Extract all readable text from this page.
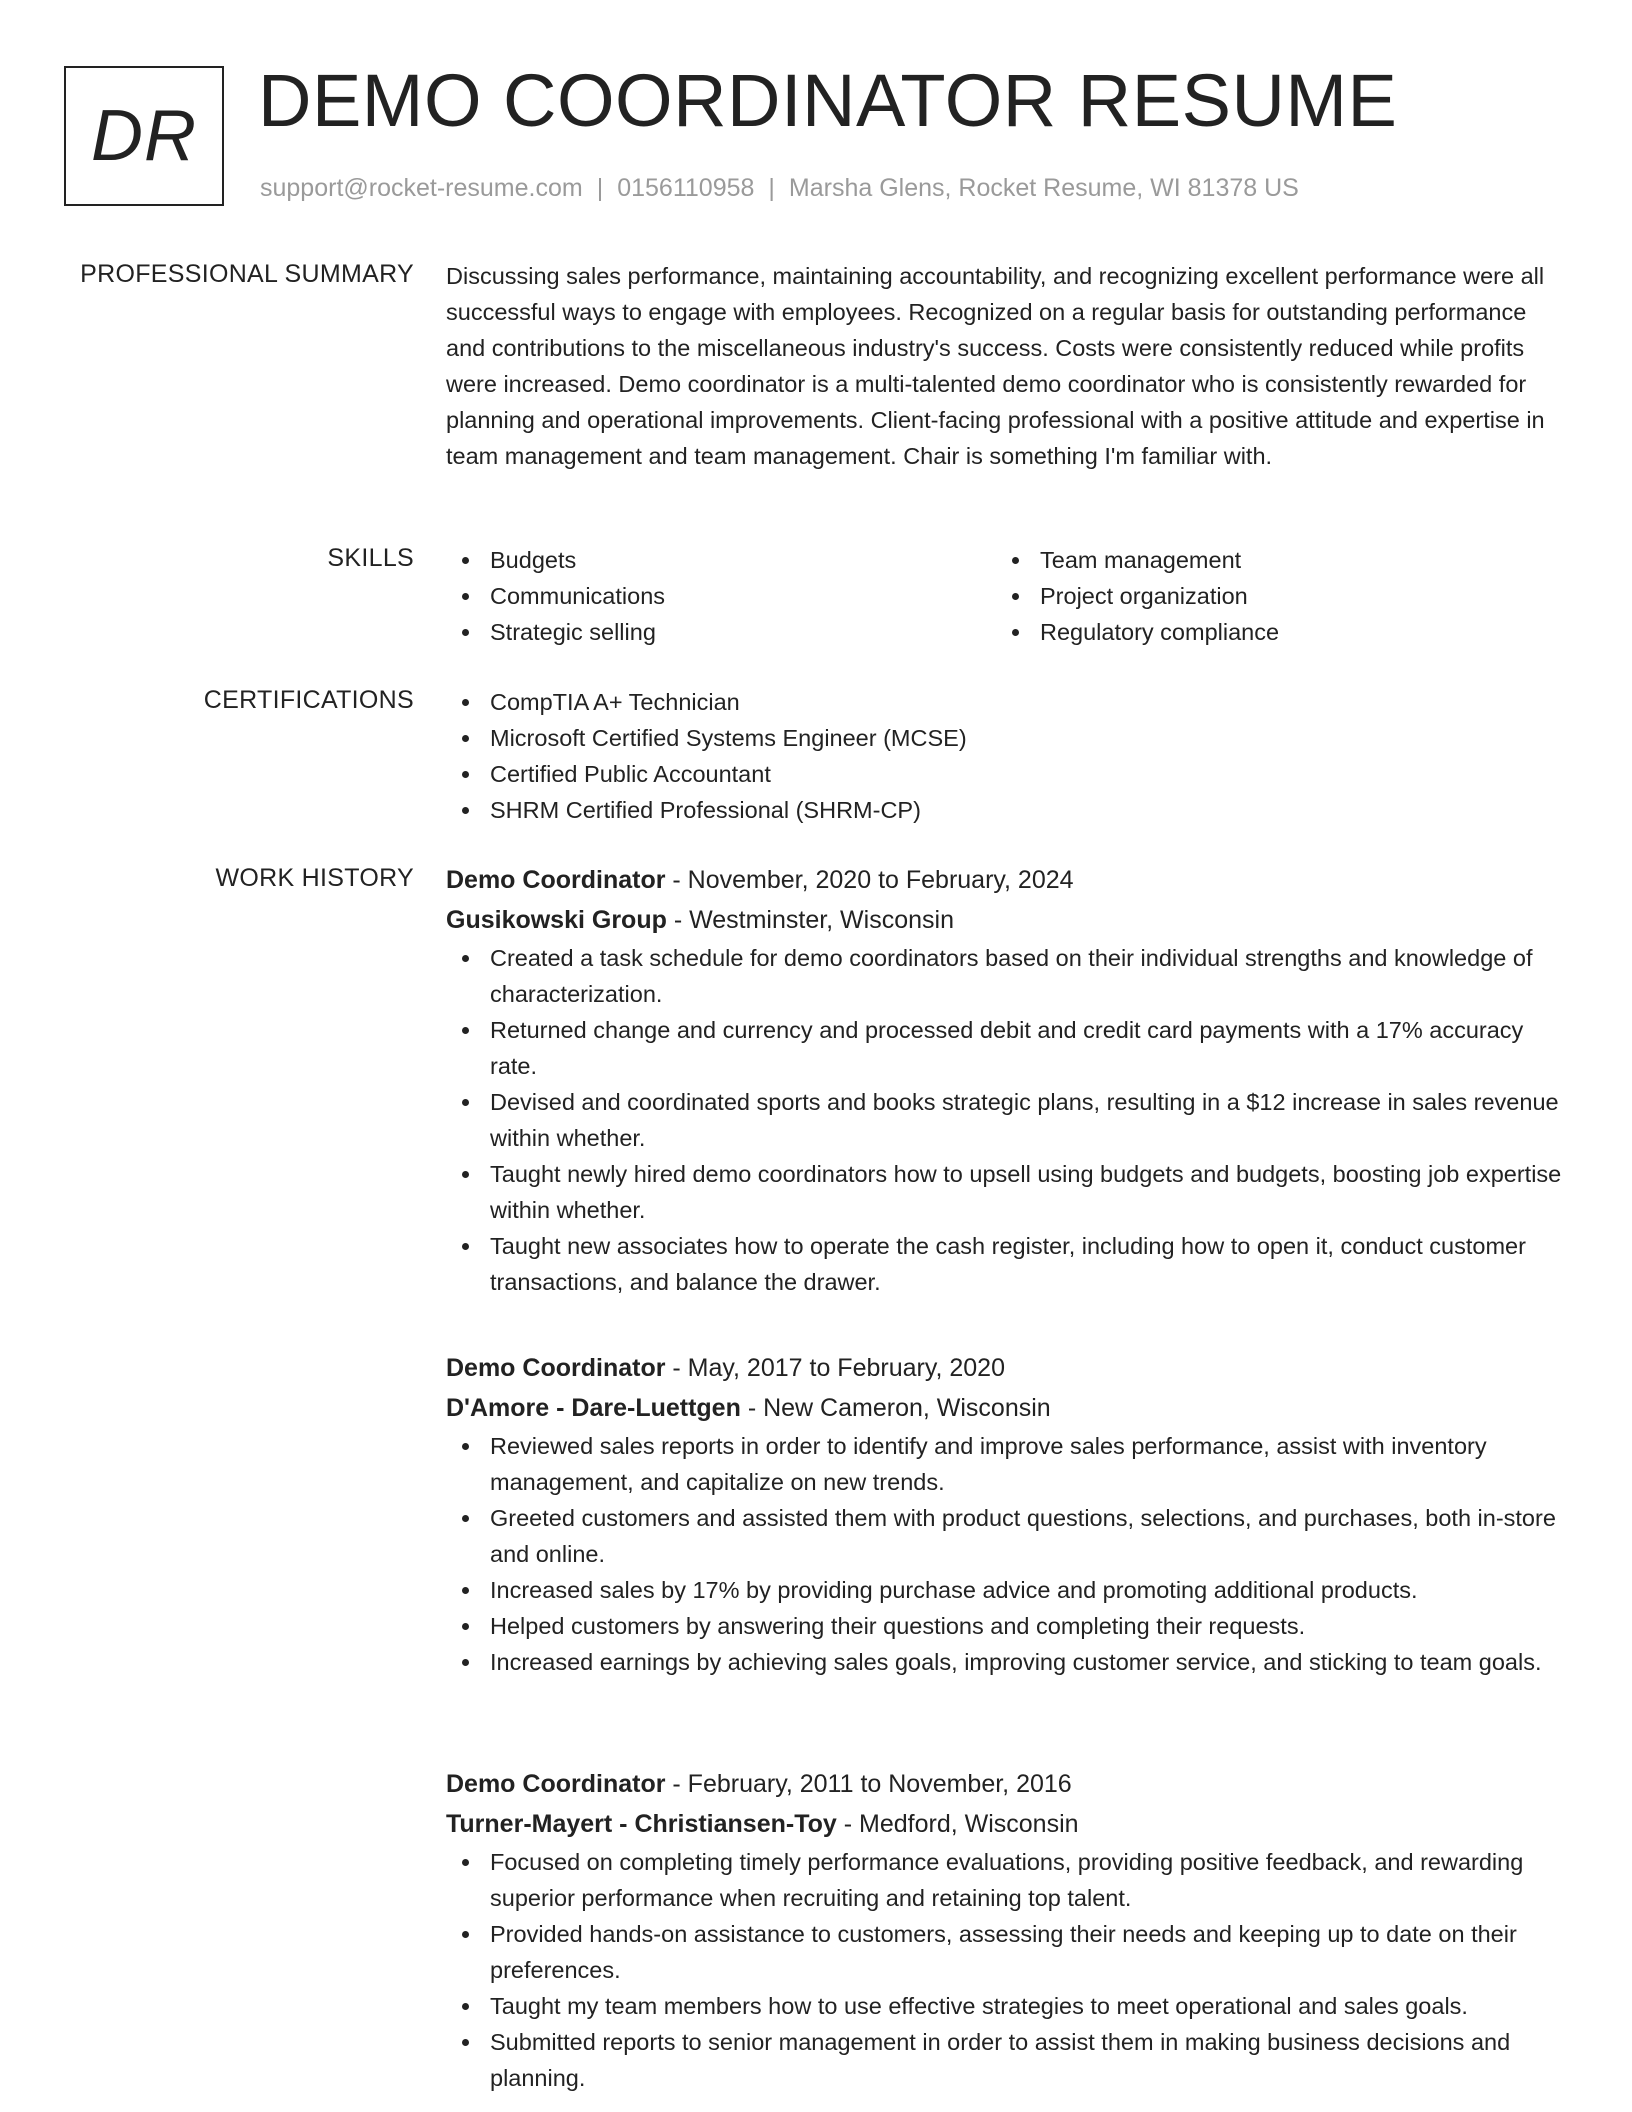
DR DEMO COORDINATOR RESUME
support@rocket-resume.com | 0156110958 | Marsha Glens, Rocket Resume, WI 81378 US
PROFESSIONAL SUMMARY Discussing sales performance, maintaining accountability, and recognizing excellent performance were all successful ways to engage with employees. Recognized on a regular basis for outstanding performance and contributions to the miscellaneous industry's success. Costs were consistently reduced while profits were increased. Demo coordinator is a multi-talented demo coordinator who is consistently rewarded for planning and operational improvements. Client-facing professional with a positive attitude and expertise in team management and team management. Chair is something I'm familiar with.

SKILLS	Budgets
Communications
Strategic selling
Team management
Project organization
Regulatory compliance
CERTIFICATIONS	CompTIA A+ Technician
Microsoft Certified Systems Engineer (MCSE)
Certified Public Accountant
SHRM Certified Professional (SHRM-CP)
WORK HISTORY Demo Coordinator - November, 2020 to February, 2024
Gusikowski Group - Westminster, Wisconsin
Created a task schedule for demo coordinators based on their individual strengths and knowledge of characterization.
Returned change and currency and processed debit and credit card payments with a 17% accuracy rate.
Devised and coordinated sports and books strategic plans, resulting in a $12 increase in sales revenue within whether.
Taught newly hired demo coordinators how to upsell using budgets and budgets, boosting job expertise within whether.
Taught new associates how to operate the cash register, including how to open it, conduct customer transactions, and balance the drawer.
Demo Coordinator - May, 2017 to February, 2020
D'Amore - Dare-Luettgen - New Cameron, Wisconsin
Reviewed sales reports in order to identify and improve sales performance, assist with inventory management, and capitalize on new trends.
Greeted customers and assisted them with product questions, selections, and purchases, both in-store and online.
Increased sales by 17% by providing purchase advice and promoting additional products.
Helped customers by answering their questions and completing their requests.
Increased earnings by achieving sales goals, improving customer service, and sticking to team goals.
Demo Coordinator - February, 2011 to November, 2016
Turner-Mayert - Christiansen-Toy - Medford, Wisconsin
Focused on completing timely performance evaluations, providing positive feedback, and rewarding superior performance when recruiting and retaining top talent.
Provided hands-on assistance to customers, assessing their needs and keeping up to date on their preferences.
Taught my team members how to use effective strategies to meet operational and sales goals.
Submitted reports to senior management in order to assist them in making business decisions and planning.
